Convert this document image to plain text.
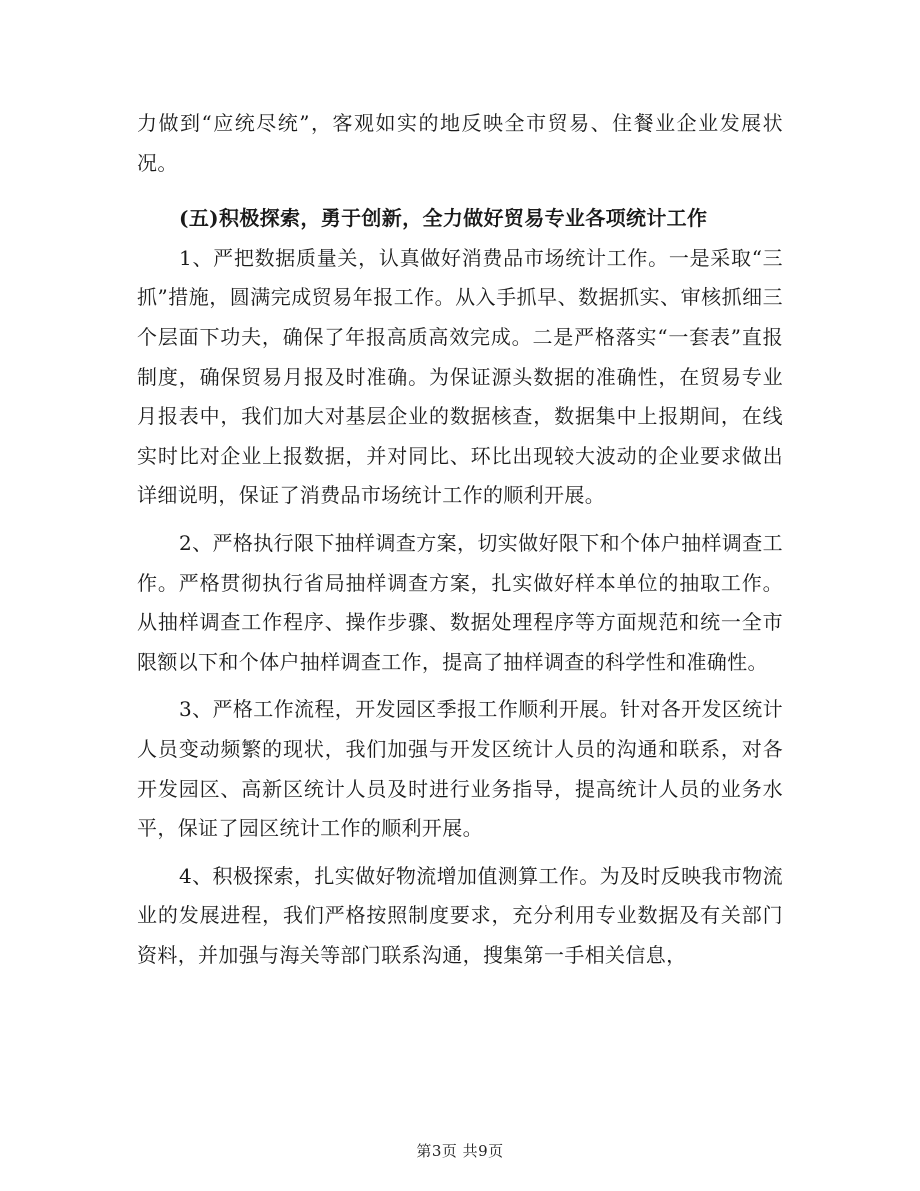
力做到“应统尽统”，客观如实的地反映全市贸易、住餐业企业发展状况。

(五)积极探索，勇于创新，全力做好贸易专业各项统计工作

1、严把数据质量关，认真做好消费品市场统计工作。一是采取“三抓”措施，圆满完成贸易年报工作。从入手抓早、数据抓实、审核抓细三个层面下功夫，确保了年报高质高效完成。二是严格落实“一套表”直报制度，确保贸易月报及时准确。为保证源头数据的准确性，在贸易专业月报表中，我们加大对基层企业的数据核查，数据集中上报期间，在线实时比对企业上报数据，并对同比、环比出现较大波动的企业要求做出详细说明，保证了消费品市场统计工作的顺利开展。

2、严格执行限下抽样调查方案，切实做好限下和个体户抽样调查工作。严格贯彻执行省局抽样调查方案，扎实做好样本单位的抽取工作。从抽样调查工作程序、操作步骤、数据处理程序等方面规范和统一全市限额以下和个体户抽样调查工作，提高了抽样调查的科学性和准确性。

3、严格工作流程，开发园区季报工作顺利开展。针对各开发区统计人员变动频繁的现状，我们加强与开发区统计人员的沟通和联系，对各开发园区、高新区统计人员及时进行业务指导，提高统计人员的业务水平，保证了园区统计工作的顺利开展。

4、积极探索，扎实做好物流增加值测算工作。为及时反映我市物流业的发展进程，我们严格按照制度要求，充分利用专业数据及有关部门资料，并加强与海关等部门联系沟通，搜集第一手相关信息，

第3页 共9页
